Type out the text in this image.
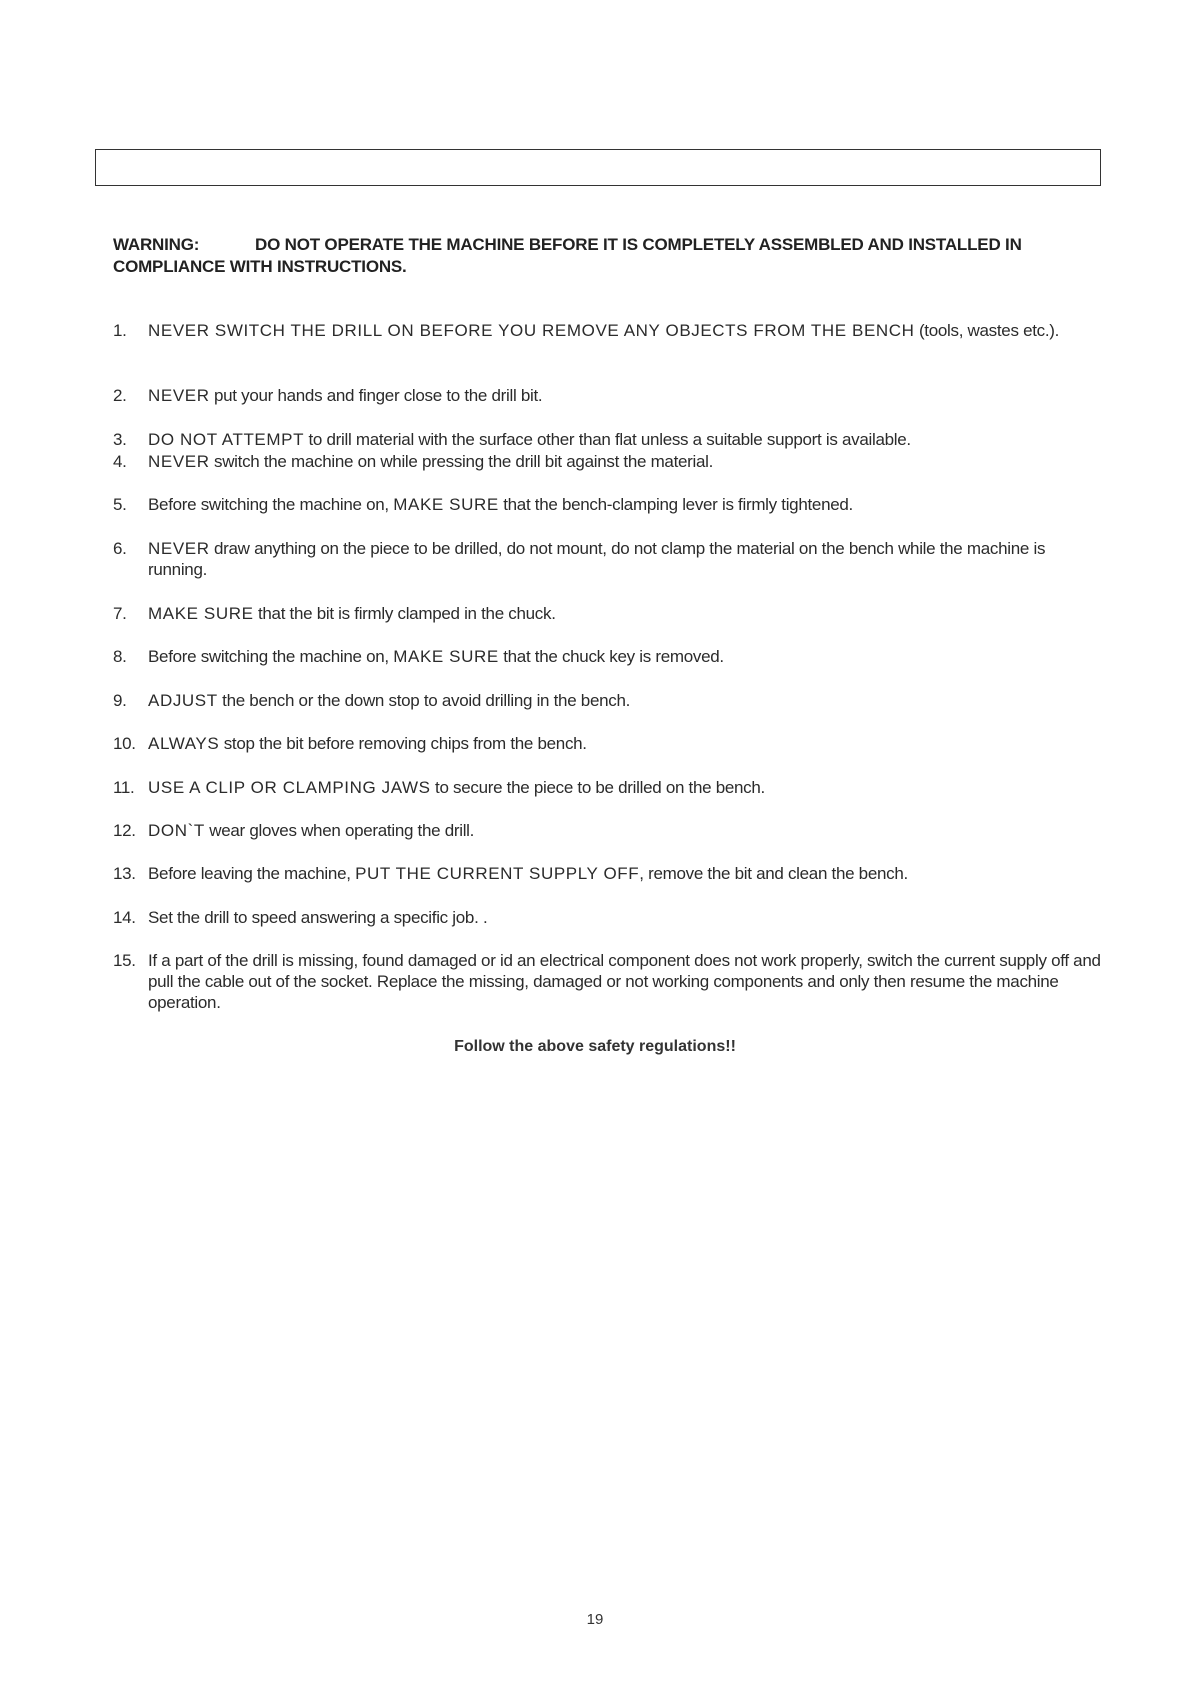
WARNING:	DO NOT OPERATE THE MACHINE BEFORE IT IS COMPLETELY ASSEMBLED AND INSTALLED IN COMPLIANCE WITH INSTRUCTIONS.
1.	NEVER SWITCH THE DRILL ON BEFORE YOU REMOVE ANY OBJECTS FROM THE BENCH (tools, wastes etc.).
2.	NEVER put your hands and finger close to the drill bit.
3.	DO NOT ATTEMPT to drill material with the surface other than flat unless a suitable support is available.
4.	NEVER switch the machine on while pressing the drill bit against the material.
5.	Before switching the machine on, MAKE SURE that the bench-clamping lever is firmly tightened.
6.	NEVER draw anything on the piece to be drilled, do not mount, do not clamp the material on the bench while the machine is running.
7.	MAKE SURE that the bit is firmly clamped in the chuck.
8.	Before switching the machine on, MAKE SURE that the chuck key is removed.
9.	ADJUST the bench or the down stop to avoid drilling in the bench.
10. ALWAYS stop the bit before removing chips from the bench.
11. USE A CLIP OR CLAMPING JAWS to secure the piece to be drilled on the bench.
12. DON`T wear gloves when operating the drill.
13. Before leaving the machine, PUT THE CURRENT SUPPLY OFF, remove the bit and clean the bench.
14. Set the drill to speed answering a specific job. .
15. If a part of the drill is missing, found damaged or id an electrical component does not work properly, switch the current supply off and pull the cable out of the socket. Replace the missing, damaged or not working components and only then resume the machine operation.
Follow the above safety regulations!!
19
